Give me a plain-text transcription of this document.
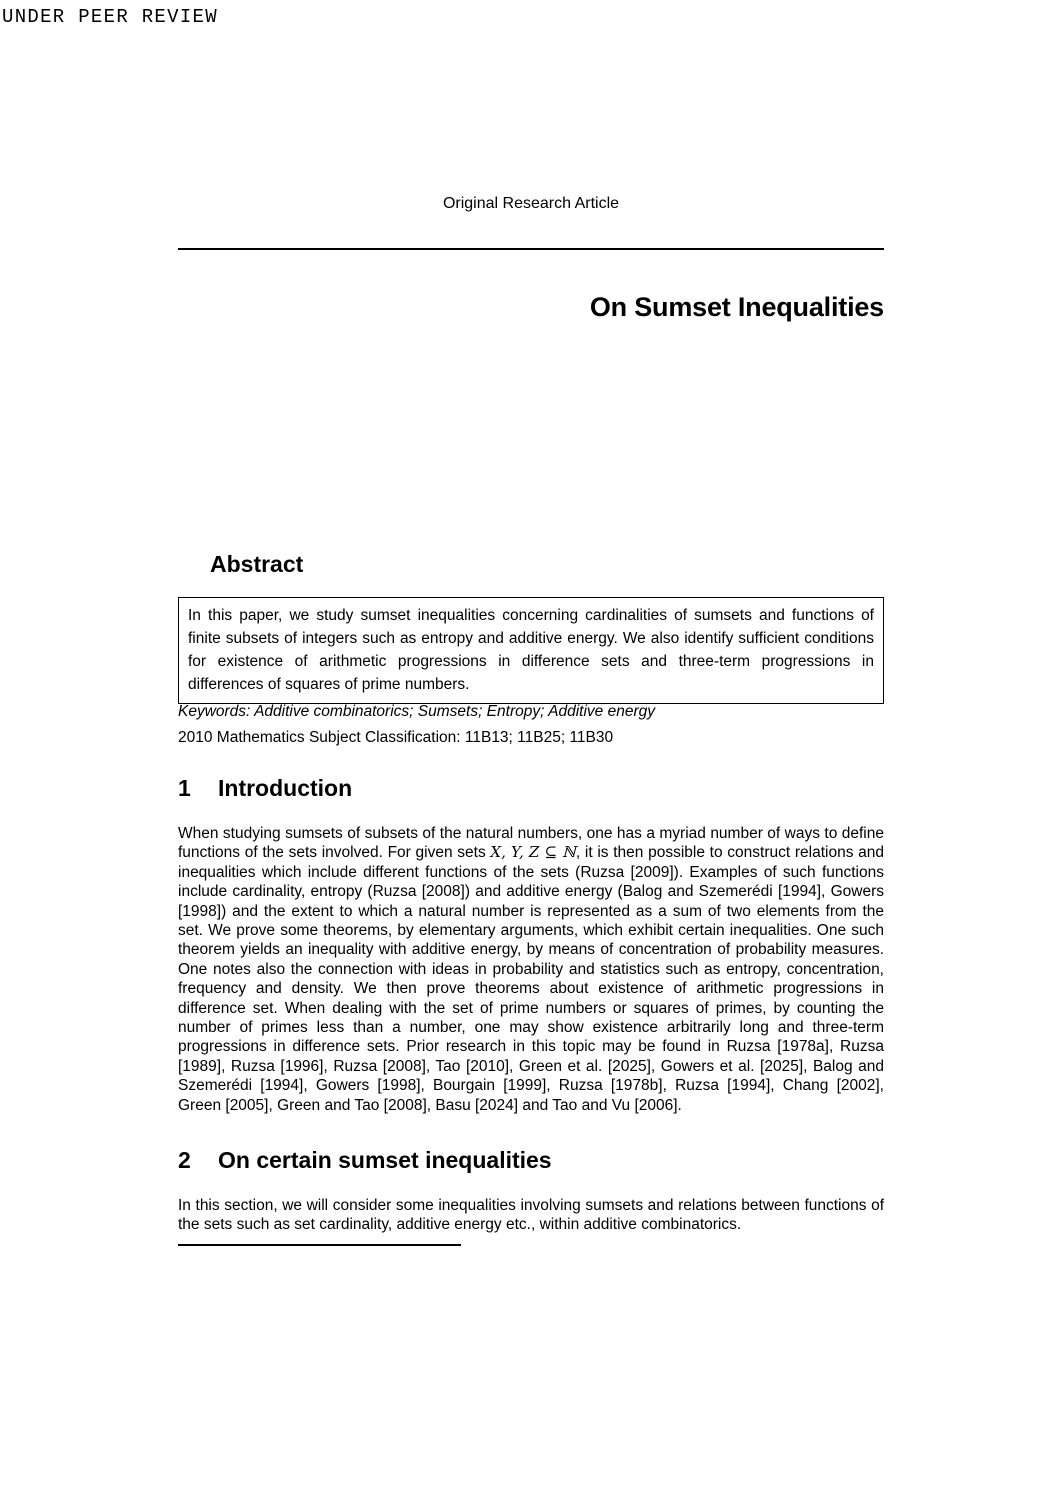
UNDER PEER REVIEW
Original Research Article
On Sumset Inequalities
Abstract

In this paper, we study sumset inequalities concerning cardinalities of sumsets and functions of finite subsets of integers such as entropy and additive energy. We also identify sufficient conditions for existence of arithmetic progressions in difference sets and three-term progressions in differences of squares of prime numbers.

Keywords: Additive combinatorics; Sumsets; Entropy; Additive energy

2010 Mathematics Subject Classification: 11B13; 11B25; 11B30

1 Introduction

When studying sumsets of subsets of the natural numbers, one has a myriad number of ways to define functions of the sets involved. For given sets X, Y, Z ⊆ ℕ, it is then possible to construct relations and inequalities which include different functions of the sets (Ruzsa [2009]). Examples of such functions include cardinality, entropy (Ruzsa [2008]) and additive energy (Balog and Szemerédi [1994], Gowers [1998]) and the extent to which a natural number is represented as a sum of two elements from the set. We prove some theorems, by elementary arguments, which exhibit certain inequalities. One such theorem yields an inequality with additive energy, by means of concentration of probability measures. One notes also the connection with ideas in probability and statistics such as entropy, concentration, frequency and density. We then prove theorems about existence of arithmetic progressions in difference set. When dealing with the set of prime numbers or squares of primes, by counting the number of primes less than a number, one may show existence arbitrarily long and three-term progressions in difference sets. Prior research in this topic may be found in Ruzsa [1978a], Ruzsa [1989], Ruzsa [1996], Ruzsa [2008], Tao [2010], Green et al. [2025], Gowers et al. [2025], Balog and Szemerédi [1994], Gowers [1998], Bourgain [1999], Ruzsa [1978b], Ruzsa [1994], Chang [2002], Green [2005], Green and Tao [2008], Basu [2024] and Tao and Vu [2006].

2 On certain sumset inequalities

In this section, we will consider some inequalities involving sumsets and relations between functions of the sets such as set cardinality, additive energy etc., within additive combinatorics.
